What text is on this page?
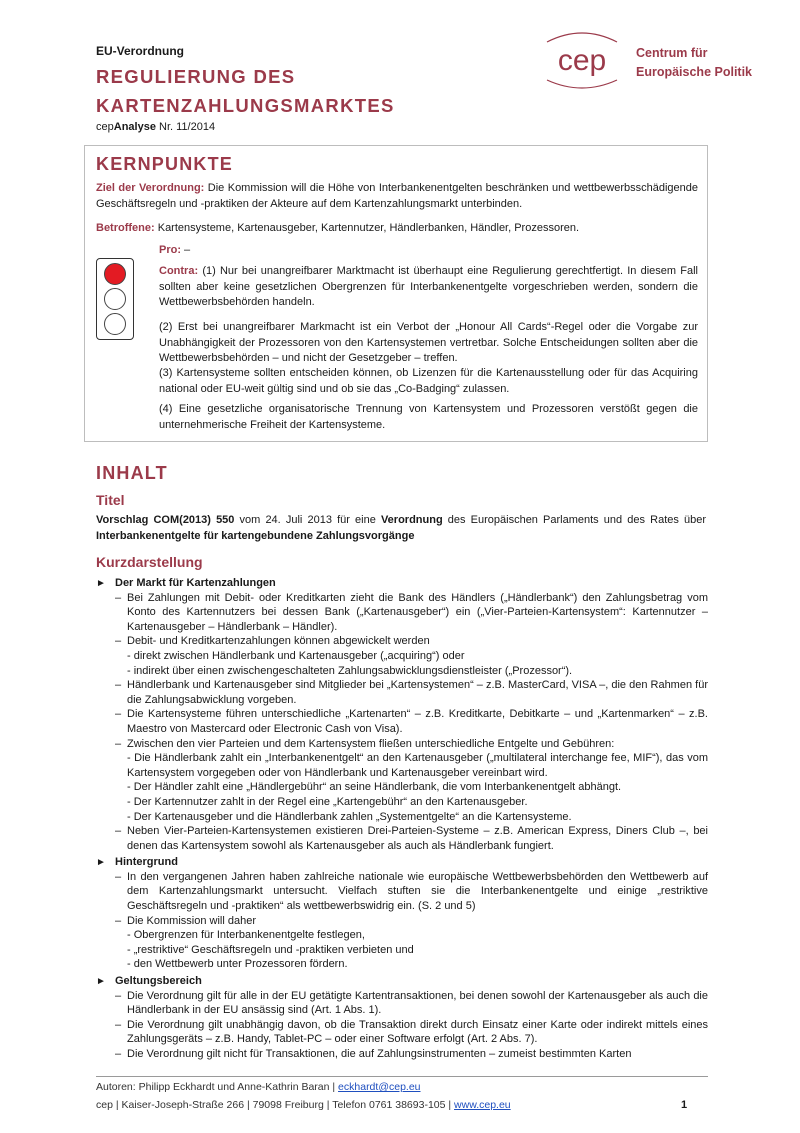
EU-Verordnung
REGULIERUNG DES
KARTENZAHLUNGSMARKTES
cepAnalyse Nr. 11/2014
cep Centrum für
Europäische Politik
KERNPUNKTE
Ziel der Verordnung: Die Kommission will die Höhe von Interbankenentgelten beschränken und wettbewerbsschädigende Geschäftsregeln und -praktiken der Akteure auf dem Kartenzahlungsmarkt unterbinden.
Betroffene: Kartensysteme, Kartenausgeber, Kartennutzer, Händlerbanken, Händler, Prozessoren.
Pro: –
Contra: (1) Nur bei unangreifbarer Marktmacht ist überhaupt eine Regulierung gerechtfertigt. In diesem Fall sollten aber keine gesetzlichen Obergrenzen für Interbankenentgelte vorgeschrieben werden, sondern die Wettbewerbsbehörden handeln.
(2) Erst bei unangreifbarer Markmacht ist ein Verbot der „Honour All Cards“-Regel oder die Vorgabe zur Unabhängigkeit der Prozessoren von den Kartensystemen vertretbar. Solche Entscheidungen sollten aber die Wettbewerbsbehörden – und nicht der Gesetzgeber – treffen.
(3) Kartensysteme sollten entscheiden können, ob Lizenzen für die Kartenausstellung oder für das Acquiring national oder EU-weit gültig sind und ob sie das „Co-Badging“ zulassen.
(4) Eine gesetzliche organisatorische Trennung von Kartensystem und Prozessoren verstößt gegen die unternehmerische Freiheit der Kartensysteme.
INHALT
Titel
Vorschlag COM(2013) 550 vom 24. Juli 2013 für eine Verordnung des Europäischen Parlaments und des Rates über Interbankenentgelte für kartengebundene Zahlungsvorgänge
Kurzdarstellung
► Der Markt für Kartenzahlungen
– Bei Zahlungen mit Debit- oder Kreditkarten zieht die Bank des Händlers („Händlerbank“) den Zahlungsbetrag vom Konto des Kartennutzers bei dessen Bank („Kartenausgeber“) ein („Vier-Parteien-Kartensystem“: Kartennutzer – Kartenausgeber – Händlerbank – Händler).
– Debit- und Kreditkartenzahlungen können abgewickelt werden
- direkt zwischen Händlerbank und Kartenausgeber („acquiring“) oder
- indirekt über einen zwischengeschalteten Zahlungsabwicklungsdienstleister („Prozessor“).
– Händlerbank und Kartenausgeber sind Mitglieder bei „Kartensystemen“ – z.B. MasterCard, VISA –, die den Rahmen für die Zahlungsabwicklung vorgeben.
– Die Kartensysteme führen unterschiedliche „Kartenarten“ – z.B. Kreditkarte, Debitkarte – und „Kartenmarken“ – z.B. Maestro von Mastercard oder Electronic Cash von Visa).
– Zwischen den vier Parteien und dem Kartensystem fließen unterschiedliche Entgelte und Gebühren:
- Die Händlerbank zahlt ein „Interbankenentgelt“ an den Kartenausgeber („multilateral interchange fee, MIF“), das vom Kartensystem vorgegeben oder von Händlerbank und Kartenausgeber vereinbart wird.
- Der Händler zahlt eine „Händlergebühr“ an seine Händlerbank, die vom Interbankenentgelt abhängt.
- Der Kartennutzer zahlt in der Regel eine „Kartengebühr“ an den Kartenausgeber.
- Der Kartenausgeber und die Händlerbank zahlen „Systementgelte“ an die Kartensysteme.
– Neben Vier-Parteien-Kartensystemen existieren Drei-Parteien-Systeme – z.B. American Express, Diners Club –, bei denen das Kartensystem sowohl als Kartenausgeber als auch als Händlerbank fungiert.
► Hintergrund
– In den vergangenen Jahren haben zahlreiche nationale wie europäische Wettbewerbsbehörden den Wettbewerb auf dem Kartenzahlungsmarkt untersucht. Vielfach stuften sie die Interbankenentgelte und einige „restriktive Geschäftsregeln und -praktiken“ als wettbewerbswidrig ein. (S. 2 und 5)
– Die Kommission will daher
- Obergrenzen für Interbankenentgelte festlegen,
- „restriktive“ Geschäftsregeln und -praktiken verbieten und
- den Wettbewerb unter Prozessoren fördern.
► Geltungsbereich
– Die Verordnung gilt für alle in der EU getätigte Kartentransaktionen, bei denen sowohl der Kartenausgeber als auch die Händlerbank in der EU ansässig sind (Art. 1 Abs. 1).
– Die Verordnung gilt unabhängig davon, ob die Transaktion direkt durch Einsatz einer Karte oder indirekt mittels eines Zahlungsgeräts – z.B. Handy, Tablet-PC – oder einer Software erfolgt (Art. 2 Abs. 7).
– Die Verordnung gilt nicht für Transaktionen, die auf Zahlungsinstrumenten – zumeist bestimmten Karten
Autoren: Philipp Eckhardt und Anne-Kathrin Baran | eckhardt@cep.eu
cep | Kaiser-Joseph-Straße 266 | 79098 Freiburg | Telefon 0761 38693-105 | www.cep.eu	1
